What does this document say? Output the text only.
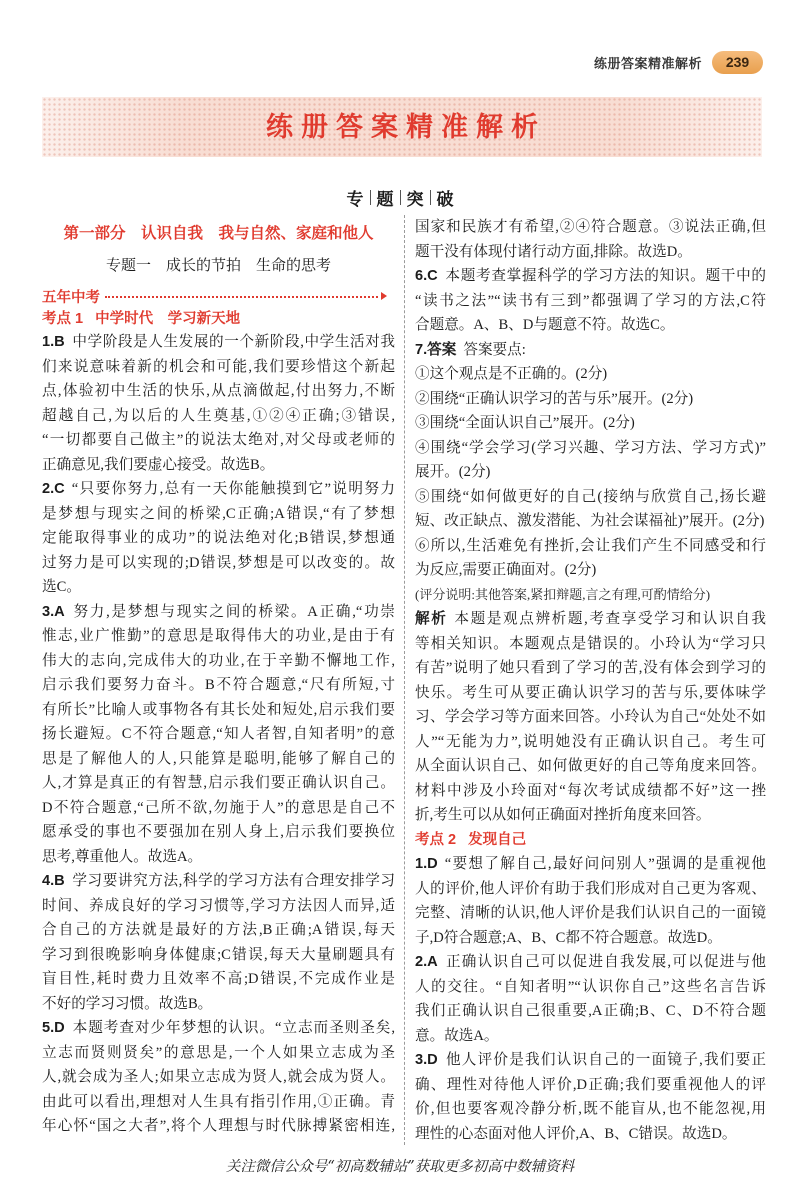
练册答案精准解析	239
练册答案精准解析
专 题 突 破
第一部分　认识自我　我与自然、家庭和他人
专题一　成长的节拍　生命的思考
五年中考
考点 1 中学时代　学习新天地
1.B 中学阶段是人生发展的一个新阶段,中学生活对我
们来说意味着新的机会和可能,我们要珍惜这个新起
点,体验初中生活的快乐,从点滴做起,付出努力,不断
超越自己,为以后的人生奠基,①②④正确;③错误,
“一切都要自己做主”的说法太绝对,对父母或老师的
正确意见,我们要虚心接受。故选B。
2.C “只要你努力,总有一天你能触摸到它”说明努力
是梦想与现实之间的桥梁,C正确;A错误,“有了梦想
定能取得事业的成功”的说法绝对化;B错误,梦想通
过努力是可以实现的;D错误,梦想是可以改变的。故
选C。
3.A 努力,是梦想与现实之间的桥梁。A正确,“功崇
惟志,业广惟勤”的意思是取得伟大的功业,是由于有
伟大的志向,完成伟大的功业,在于辛勤不懈地工作,
启示我们要努力奋斗。B不符合题意,“尺有所短,寸
有所长”比喻人或事物各有其长处和短处,启示我们要
扬长避短。C不符合题意,“知人者智,自知者明”的意
思是了解他人的人,只能算是聪明,能够了解自己的
人,才算是真正的有智慧,启示我们要正确认识自己。
D不符合题意,“己所不欲,勿施于人”的意思是自己不
愿承受的事也不要强加在别人身上,启示我们要换位
思考,尊重他人。故选A。
4.B 学习要讲究方法,科学的学习方法有合理安排学习
时间、养成良好的学习习惯等,学习方法因人而异,适
合自己的方法就是最好的方法,B正确;A错误,每天
学习到很晚影响身体健康;C错误,每天大量刷题具有
盲目性,耗时费力且效率不高;D错误,不完成作业是
不好的学习习惯。故选B。
5.D 本题考查对少年梦想的认识。“立志而圣则圣矣,
立志而贤则贤矣”的意思是,一个人如果立志成为圣
人,就会成为圣人;如果立志成为贤人,就会成为贤人。
由此可以看出,理想对人生具有指引作用,①正确。青
年心怀“国之大者”,将个人理想与时代脉搏紧密相连,
国家和民族才有希望,②④符合题意。③说法正确,但
题干没有体现付诸行动方面,排除。故选D。
6.C 本题考查掌握科学的学习方法的知识。题干中的
“读书之法”“读书有三到”都强调了学习的方法,C符
合题意。A、B、D与题意不符。故选C。
7.答案 答案要点:
①这个观点是不正确的。(2分)
②围绕“正确认识学习的苦与乐”展开。(2分)
③围绕“全面认识自己”展开。(2分)
④围绕“学会学习(学习兴趣、学习方法、学习方式)”
展开。(2分)
⑤围绕“如何做更好的自己(接纳与欣赏自己,扬长避
短、改正缺点、激发潜能、为社会谋福祉)”展开。(2分)
⑥所以,生活难免有挫折,会让我们产生不同感受和行
为反应,需要正确面对。(2分)
(评分说明:其他答案,紧扣辩题,言之有理,可酌情给分)
解析 本题是观点辨析题,考查享受学习和认识自我
等相关知识。本题观点是错误的。小玲认为“学习只
有苦”说明了她只看到了学习的苦,没有体会到学习的
快乐。考生可从要正确认识学习的苦与乐,要体味学
习、学会学习等方面来回答。小玲认为自己“处处不如
人”“无能为力”,说明她没有正确认识自己。考生可
从全面认识自己、如何做更好的自己等角度来回答。
材料中涉及小玲面对“每次考试成绩都不好”这一挫
折,考生可以从如何正确面对挫折角度来回答。
考点 2 发现自己
1.D “要想了解自己,最好问问别人”强调的是重视他
人的评价,他人评价有助于我们形成对自己更为客观、
完整、清晰的认识,他人评价是我们认识自己的一面镜
子,D符合题意;A、B、C都不符合题意。故选D。
2.A 正确认识自己可以促进自我发展,可以促进与他
人的交往。“自知者明”“认识你自己”这些名言告诉
我们正确认识自己很重要,A正确;B、C、D不符合题
意。故选A。
3.D 他人评价是我们认识自己的一面镜子,我们要正
确、理性对待他人评价,D正确;我们要重视他人的评
价,但也要客观冷静分析,既不能盲从,也不能忽视,用
理性的心态面对他人评价,A、B、C错误。故选D。
关注微信公众号“初高数辅站”获取更多初高中数辅资料
